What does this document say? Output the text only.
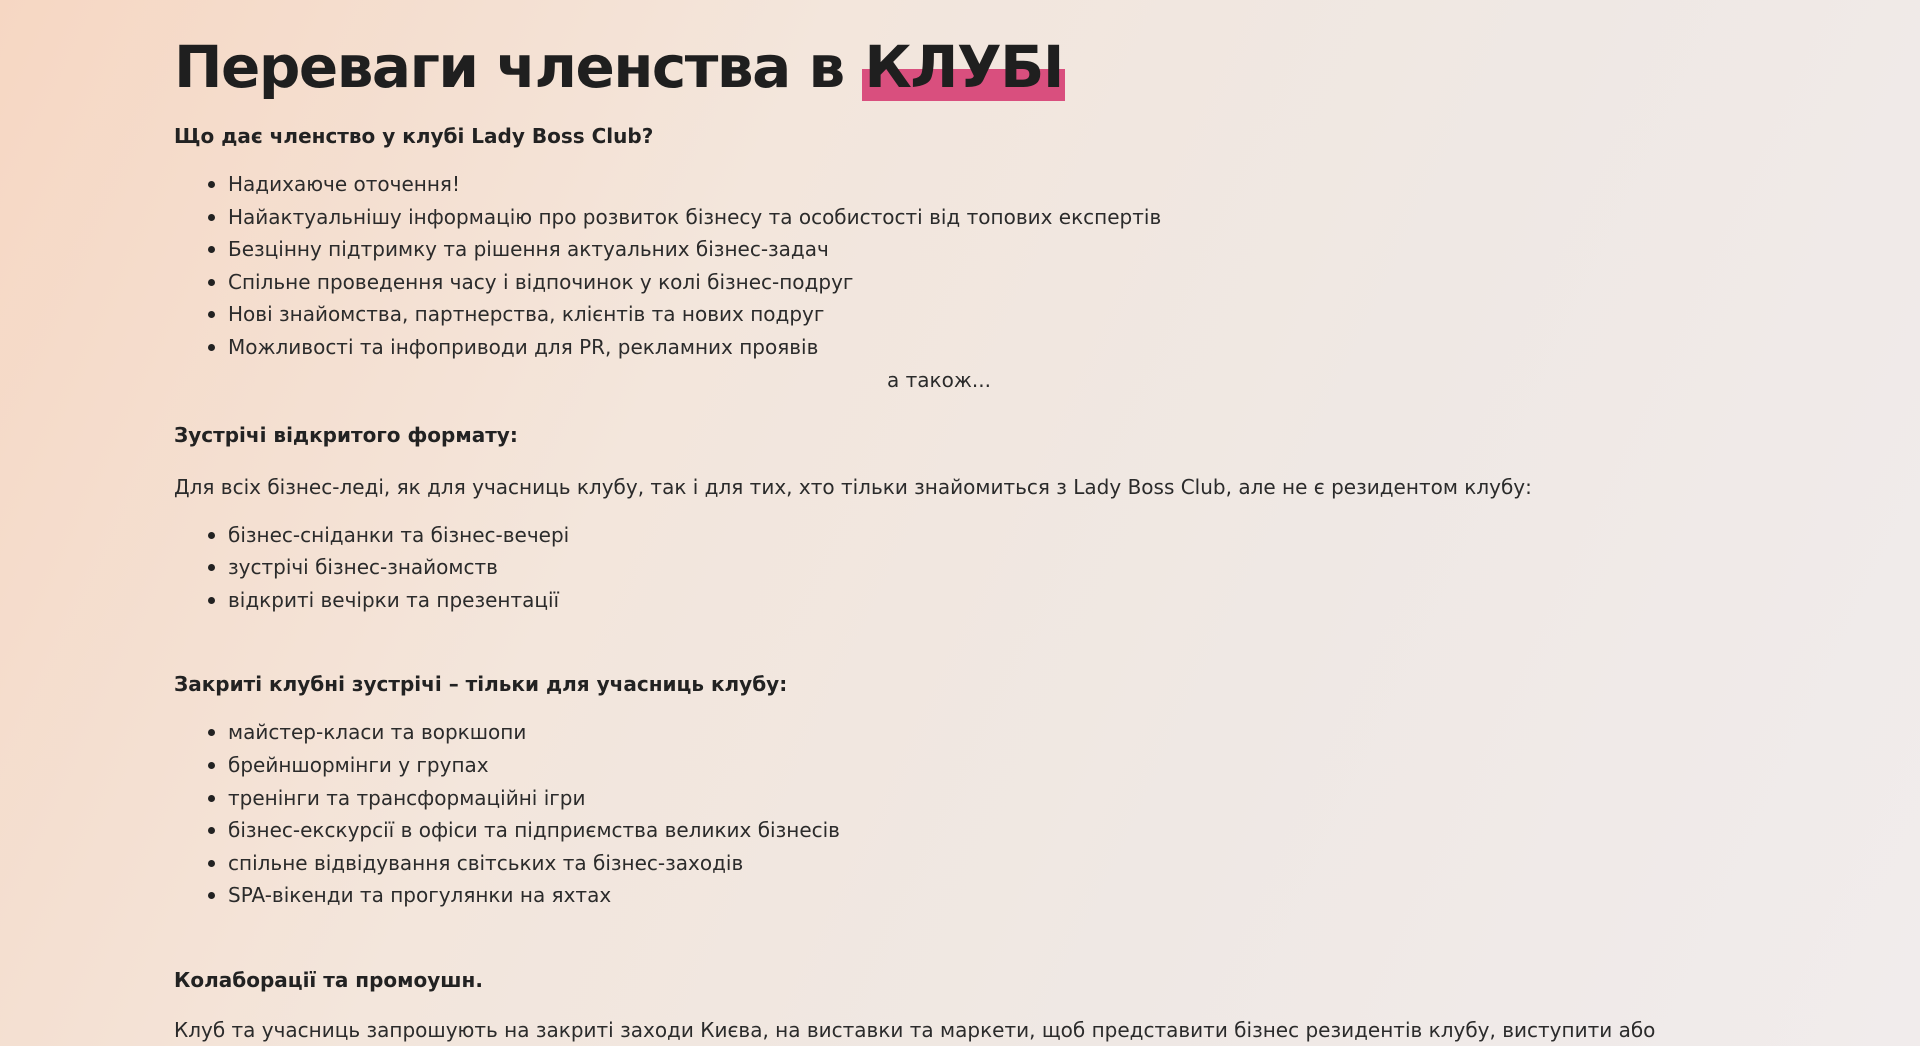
Переваги членства в КЛУБІ

Що дає членство у клубі Lady Boss Club?

Надихаюче оточення!
Найактуальнішу інформацію про розвиток бізнесу та особистості від топових експертів
Безцінну підтримку та рішення актуальних бізнес-задач
Спільне проведення часу і відпочинок у колі бізнес-подруг
Нові знайомства, партнерства, клієнтів та нових подруг
Можливості та інфоприводи для PR, рекламних проявів

а також...

Зустрічі відкритого формату:

Для всіх бізнес-леді, як для учасниць клубу, так і для тих, хто тільки знайомиться з Lady Boss Club, але не є резидентом клубу:

бізнес-сніданки та бізнес-вечері
зустрічі бізнес-знайомств
відкриті вечірки та презентації

Закриті клубні зустрічі – тільки для учасниць клубу:

майстер-класи та воркшопи
брейншормінги у групах
тренінги та трансформаційні ігри
бізнес-екскурсії в офіси та підприємства великих бізнесів
спільне відвідування світських та бізнес-заходів
SPA-вікенди та прогулянки на яхтах

Колаборації та промоушн.

Клуб та учасниць запрошують на закриті заходи Києва, на виставки та маркети, щоб представити бізнес резидентів клубу, виступити або
